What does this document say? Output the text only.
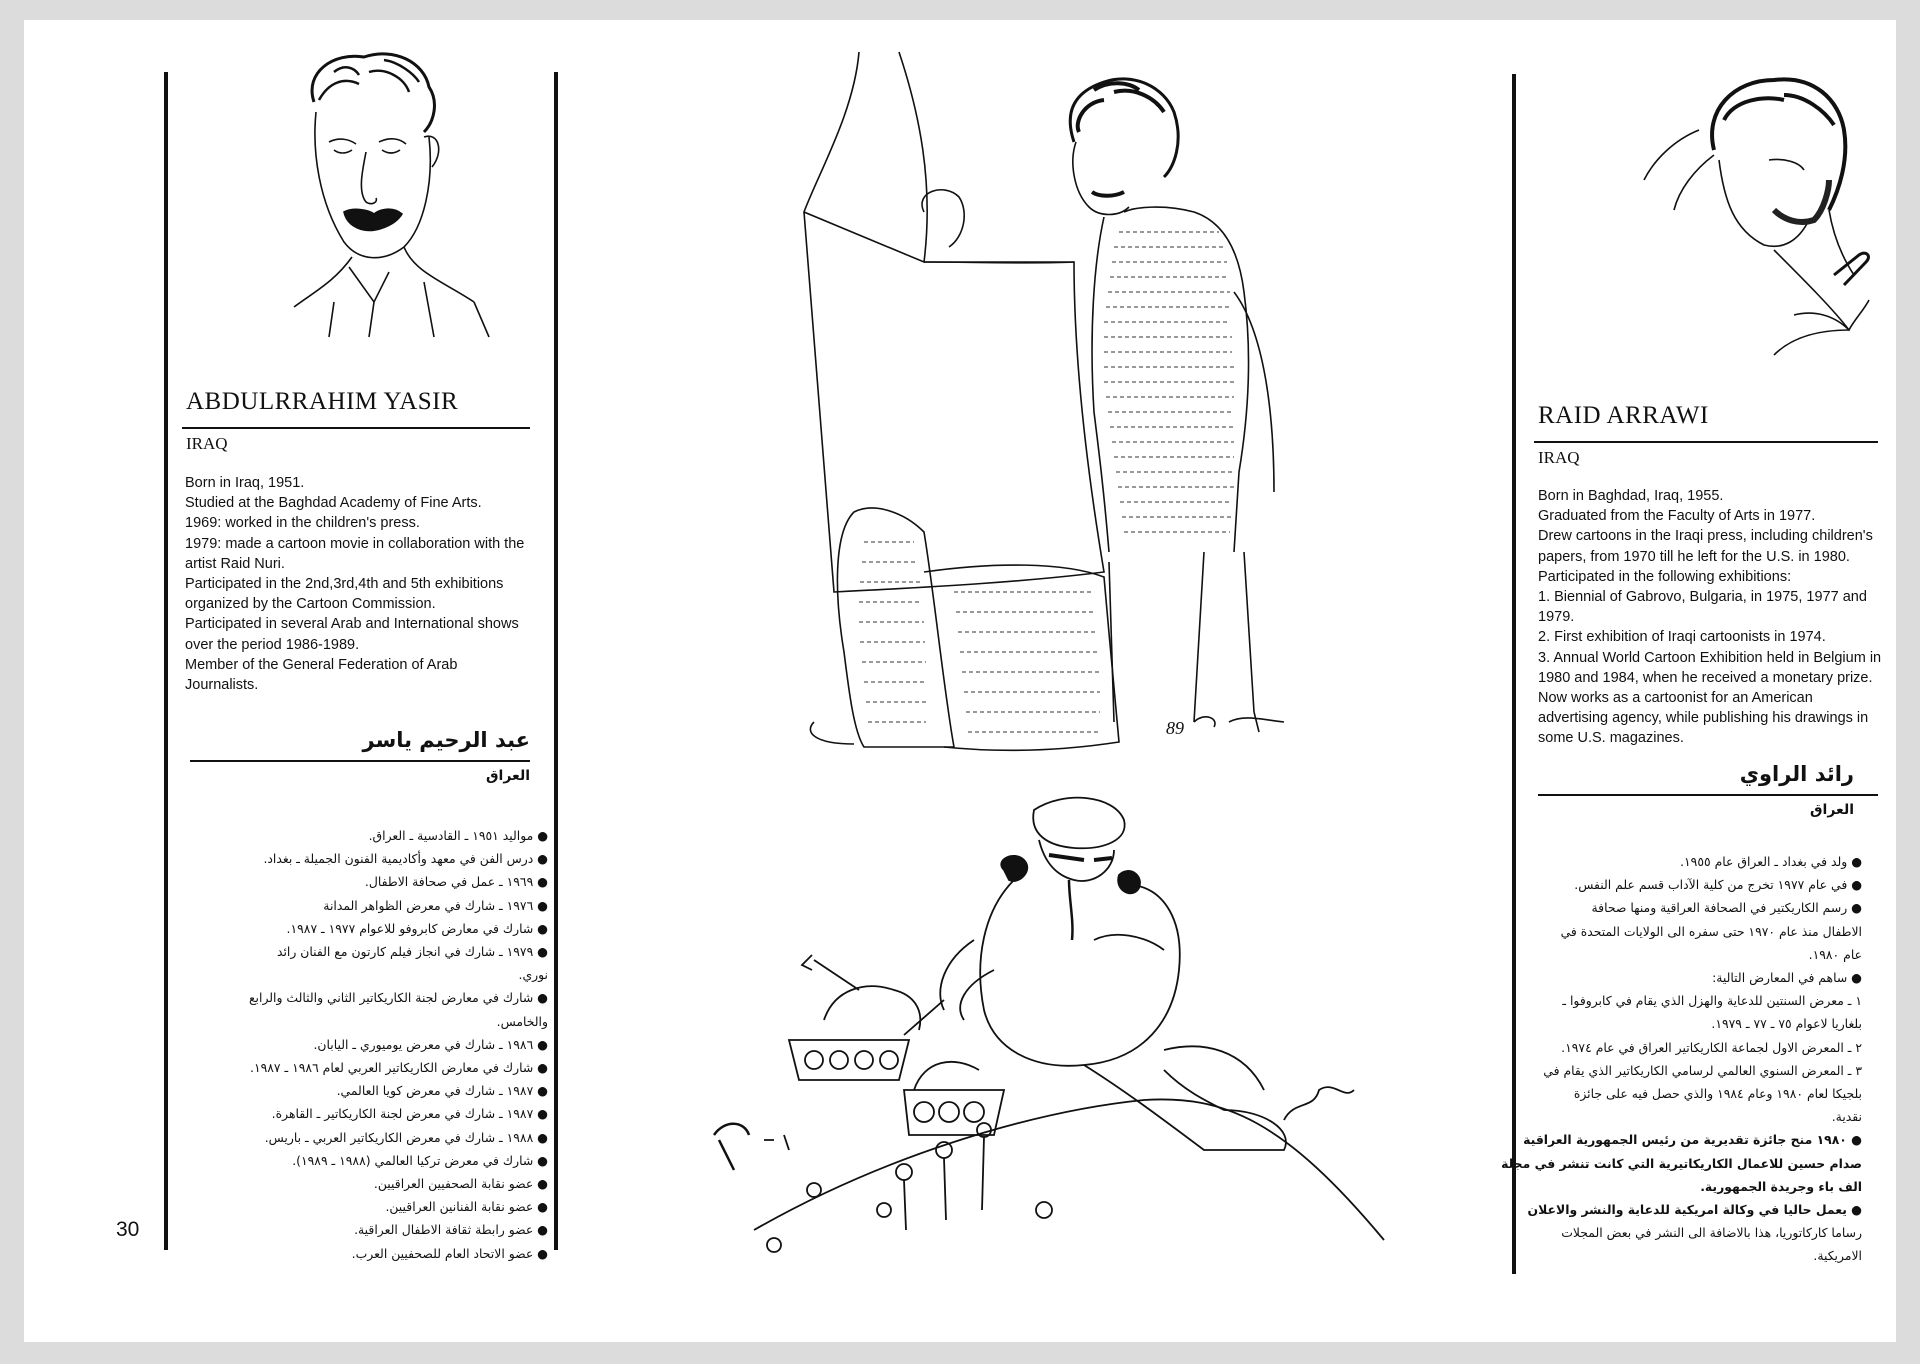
ABDULRRAHIM YASIR
IRAQ
Born in Iraq, 1951.
Studied at the Baghdad Academy of Fine Arts.
1969: worked in the children's press.
1979: made a cartoon movie in collaboration with the
artist Raid Nuri.
Participated in the 2nd,3rd,4th and 5th exhibitions
organized by the Cartoon Commission.
Participated in several Arab and International shows
over the period 1986-1989.
Member of the General Federation of Arab
Journalists.
عبد الرحيم ياسر
العراق
● مواليد ١٩٥١ ـ القادسية ـ العراق.
● درس الفن في معهد وأكاديمية الفنون الجميلة ـ بغداد.
● ١٩٦٩ ـ عمل في صحافة الاطفال.
● ١٩٧٦ ـ شارك في معرض الظواهر المدانة
● شارك في معارض كابروفو للاعوام ١٩٧٧ ـ ١٩٨٧.
● ١٩٧٩ ـ شارك في انجاز فيلم كارتون مع الفنان رائد
نوري.
● شارك في معارض لجنة الكاريكاتير الثاني والثالث والرابع
والخامس.
● ١٩٨٦ ـ شارك في معرض يوميوري ـ اليابان.
● شارك في معارض الكاريكاتير العربي لعام ١٩٨٦ ـ ١٩٨٧.
● ١٩٨٧ ـ شارك في معرض كويا العالمي.
● ١٩٨٧ ـ شارك في معرض لجنة الكاريكاتير ـ القاهرة.
● ١٩٨٨ ـ شارك في معرض الكاريكاتير العربي ـ باريس.
● شارك في معرض تركيا العالمي (١٩٨٨ ـ ١٩٨٩).
● عضو نقابة الصحفيين العراقيين.
● عضو نقابة الفنانين العراقيين.
● عضو رابطة ثقافة الاطفال العراقية.
● عضو الاتحاد العام للصحفيين العرب.
30
89
RAID ARRAWI
IRAQ
Born in Baghdad, Iraq, 1955.
Graduated from the Faculty of Arts in 1977.
Drew cartoons in the Iraqi press, including children's
papers, from 1970 till he left for the U.S. in 1980.
Participated in the following exhibitions:
1. Biennial of Gabrovo, Bulgaria, in 1975, 1977 and
1979.
2. First exhibition of Iraqi cartoonists in 1974.
3. Annual World Cartoon Exhibition held in Belgium in
1980 and 1984, when he received a monetary prize.
Now works as a cartoonist for an American
advertising agency, while publishing his drawings in
some U.S. magazines.
رائد الراوي
العراق
● ولد في بغداد ـ العراق عام ١٩٥٥.
● في عام ١٩٧٧ تخرج من كلية الآداب قسم علم النفس.
● رسم الكاريكتير في الصحافة العراقية ومنها صحافة
الاطفال منذ عام ١٩٧٠ حتى سفره الى الولايات المتحدة في
عام ١٩٨٠.
● ساهم في المعارض التالية:
١ ـ معرض السنتين للدعاية والهزل الذي يقام في كابروفوا ـ
بلغاريا لاعوام ٧٥ ـ ٧٧ ـ ١٩٧٩.
٢ ـ المعرض الاول لجماعة الكاريكاتير العراق في عام ١٩٧٤.
٣ ـ المعرض السنوي العالمي لرسامي الكاريكاتير الذي يقام في
بلجيكا لعام ١٩٨٠ وعام ١٩٨٤ والذي حصل فيه على جائزة
نقدية.
● ١٩٨٠ منح جائزة تقديرية من رئيس الجمهورية العراقية
صدام حسين للاعمال الكاريكاتيرية التي كانت تنشر في مجلة
الف باء وجريدة الجمهورية.
● يعمل حاليا في وكالة امريكية للدعاية والنشر والاعلان
رساما كاركاتوريا، هذا بالاضافة الى النشر في بعض المجلات
الامريكية.
